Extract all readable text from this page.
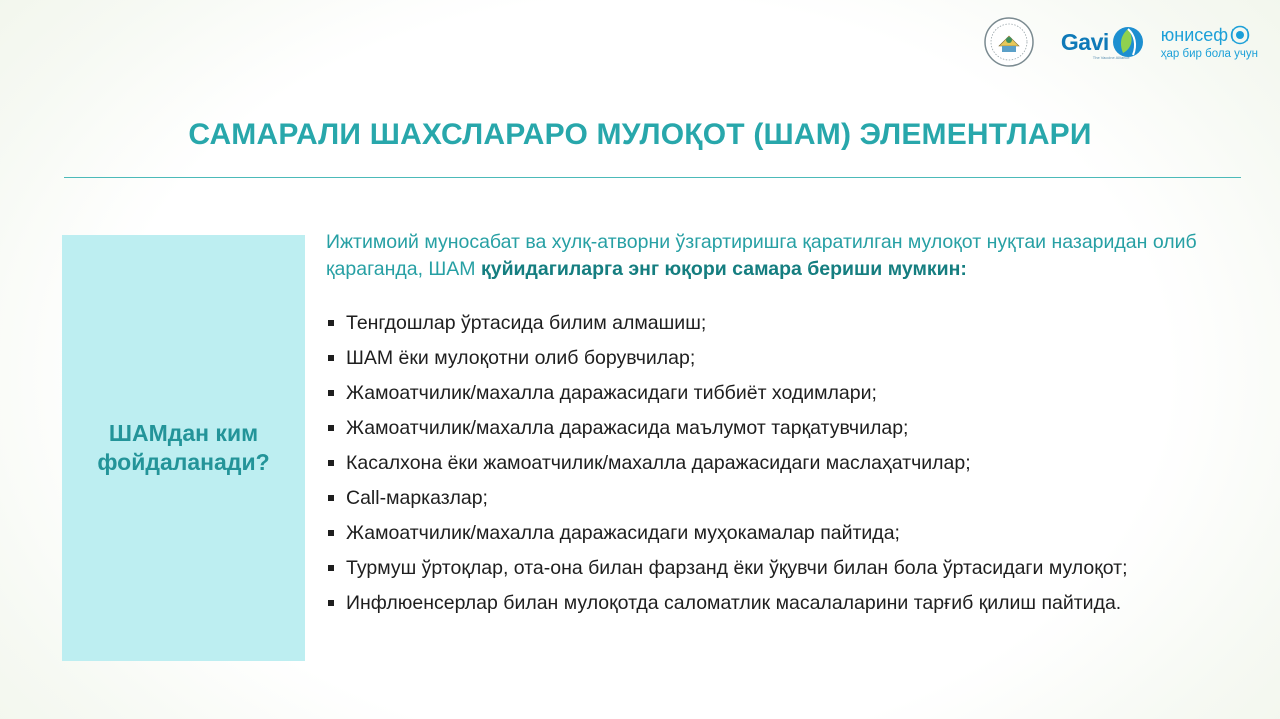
Gavi
The Vaccine Alliance
юнисеф
ҳар бир бола учун
САМАРАЛИ ШАХСЛАРАРО МУЛОҚОТ (ШАМ) ЭЛЕМЕНТЛАРИ
ШАМдан ким
фойдаланади?

Ижтимоий муносабат ва хулқ-атворни ўзгартиришга қаратилган мулоқот нуқтаи назаридан олиб қараганда, ШАМ қуйидагиларга энг юқори самара бериши мумкин:

Тенгдошлар ўртасида билим алмашиш;
ШАМ ёки мулоқотни олиб борувчилар;
Жамоатчилик/махалла даражасидаги тиббиёт ходимлари;
Жамоатчилик/махалла даражасида маълумот тарқатувчилар;
Касалхона ёки жамоатчилик/махалла даражасидаги маслаҳатчилар;
Call-марказлар;
Жамоатчилик/махалла даражасидаги муҳокамалар пайтида;
Турмуш ўртоқлар, ота-она билан фарзанд ёки ўқувчи билан бола ўртасидаги мулоқот;
Инфлюенсерлар билан мулоқотда саломатлик масалаларини тарғиб қилиш пайтида.
